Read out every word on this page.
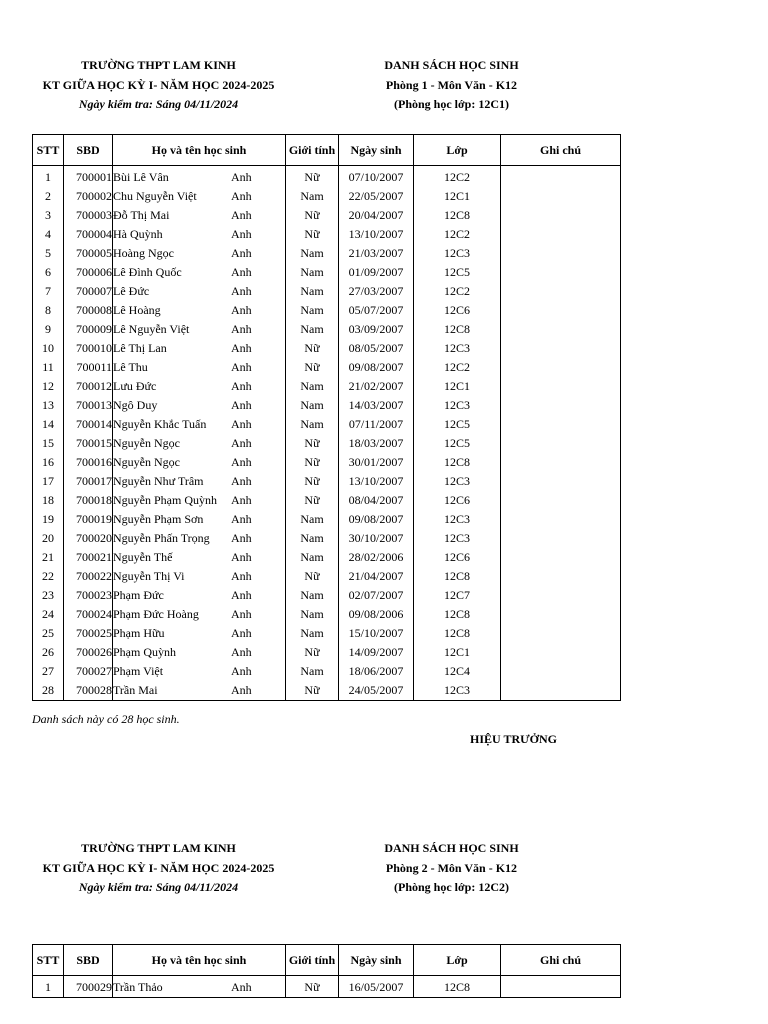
TRƯỜNG THPT LAM KINH
KT GIỮA HỌC KỲ I- NĂM HỌC 2024-2025
Ngày kiểm tra: Sáng 04/11/2024
DANH SÁCH HỌC SINH
Phòng 1 - Môn Văn - K12
(Phòng học lớp: 12C1)
STT	SBD	Họ và tên học sinh	Giới tính	Ngày sinh	Lớp	Ghi chú
1	700001	Bùi Lê Vân Anh	Nữ	07/10/2007	12C2	
2	700002	Chu Nguyễn Việt Anh	Nam	22/05/2007	12C1	
3	700003	Đỗ Thị Mai Anh	Nữ	20/04/2007	12C8	
4	700004	Hà Quỳnh Anh	Nữ	13/10/2007	12C2	
5	700005	Hoàng Ngọc Anh	Nam	21/03/2007	12C3	
6	700006	Lê Đình Quốc Anh	Nam	01/09/2007	12C5	
7	700007	Lê Đức Anh	Nam	27/03/2007	12C2	
8	700008	Lê Hoàng Anh	Nam	05/07/2007	12C6	
9	700009	Lê Nguyễn Việt Anh	Nam	03/09/2007	12C8	
10	700010	Lê Thị Lan Anh	Nữ	08/05/2007	12C3	
11	700011	Lê Thu Anh	Nữ	09/08/2007	12C2	
12	700012	Lưu Đức Anh	Nam	21/02/2007	12C1	
13	700013	Ngô Duy Anh	Nam	14/03/2007	12C3	
14	700014	Nguyễn Khắc Tuấn Anh	Nam	07/11/2007	12C5	
15	700015	Nguyễn Ngọc Anh	Nữ	18/03/2007	12C5	
16	700016	Nguyễn Ngọc Anh	Nữ	30/01/2007	12C8	
17	700017	Nguyễn Như Trâm Anh	Nữ	13/10/2007	12C3	
18	700018	Nguyễn Phạm Quỳnh Anh	Nữ	08/04/2007	12C6	
19	700019	Nguyễn Phạm Sơn Anh	Nam	09/08/2007	12C3	
20	700020	Nguyễn Phấn Trọng Anh	Nam	30/10/2007	12C3	
21	700021	Nguyễn Thế Anh	Nam	28/02/2006	12C6	
22	700022	Nguyễn Thị Vi Anh	Nữ	21/04/2007	12C8	
23	700023	Phạm Đức Anh	Nam	02/07/2007	12C7	
24	700024	Phạm Đức Hoàng Anh	Nam	09/08/2006	12C8	
25	700025	Phạm Hữu Anh	Nam	15/10/2007	12C8	
26	700026	Phạm Quỳnh Anh	Nữ	14/09/2007	12C1	
27	700027	Phạm Việt Anh	Nam	18/06/2007	12C4	
28	700028	Trần Mai Anh	Nữ	24/05/2007	12C3	
Danh sách này có 28 học sinh.
HIỆU TRƯỞNG
TRƯỜNG THPT LAM KINH
KT GIỮA HỌC KỲ I- NĂM HỌC 2024-2025
Ngày kiểm tra: Sáng 04/11/2024
DANH SÁCH HỌC SINH
Phòng 2 - Môn Văn - K12
(Phòng học lớp: 12C2)
STT	SBD	Họ và tên học sinh	Giới tính	Ngày sinh	Lớp	Ghi chú
1	700029	Trần Thảo Anh	Nữ	16/05/2007	12C8	
